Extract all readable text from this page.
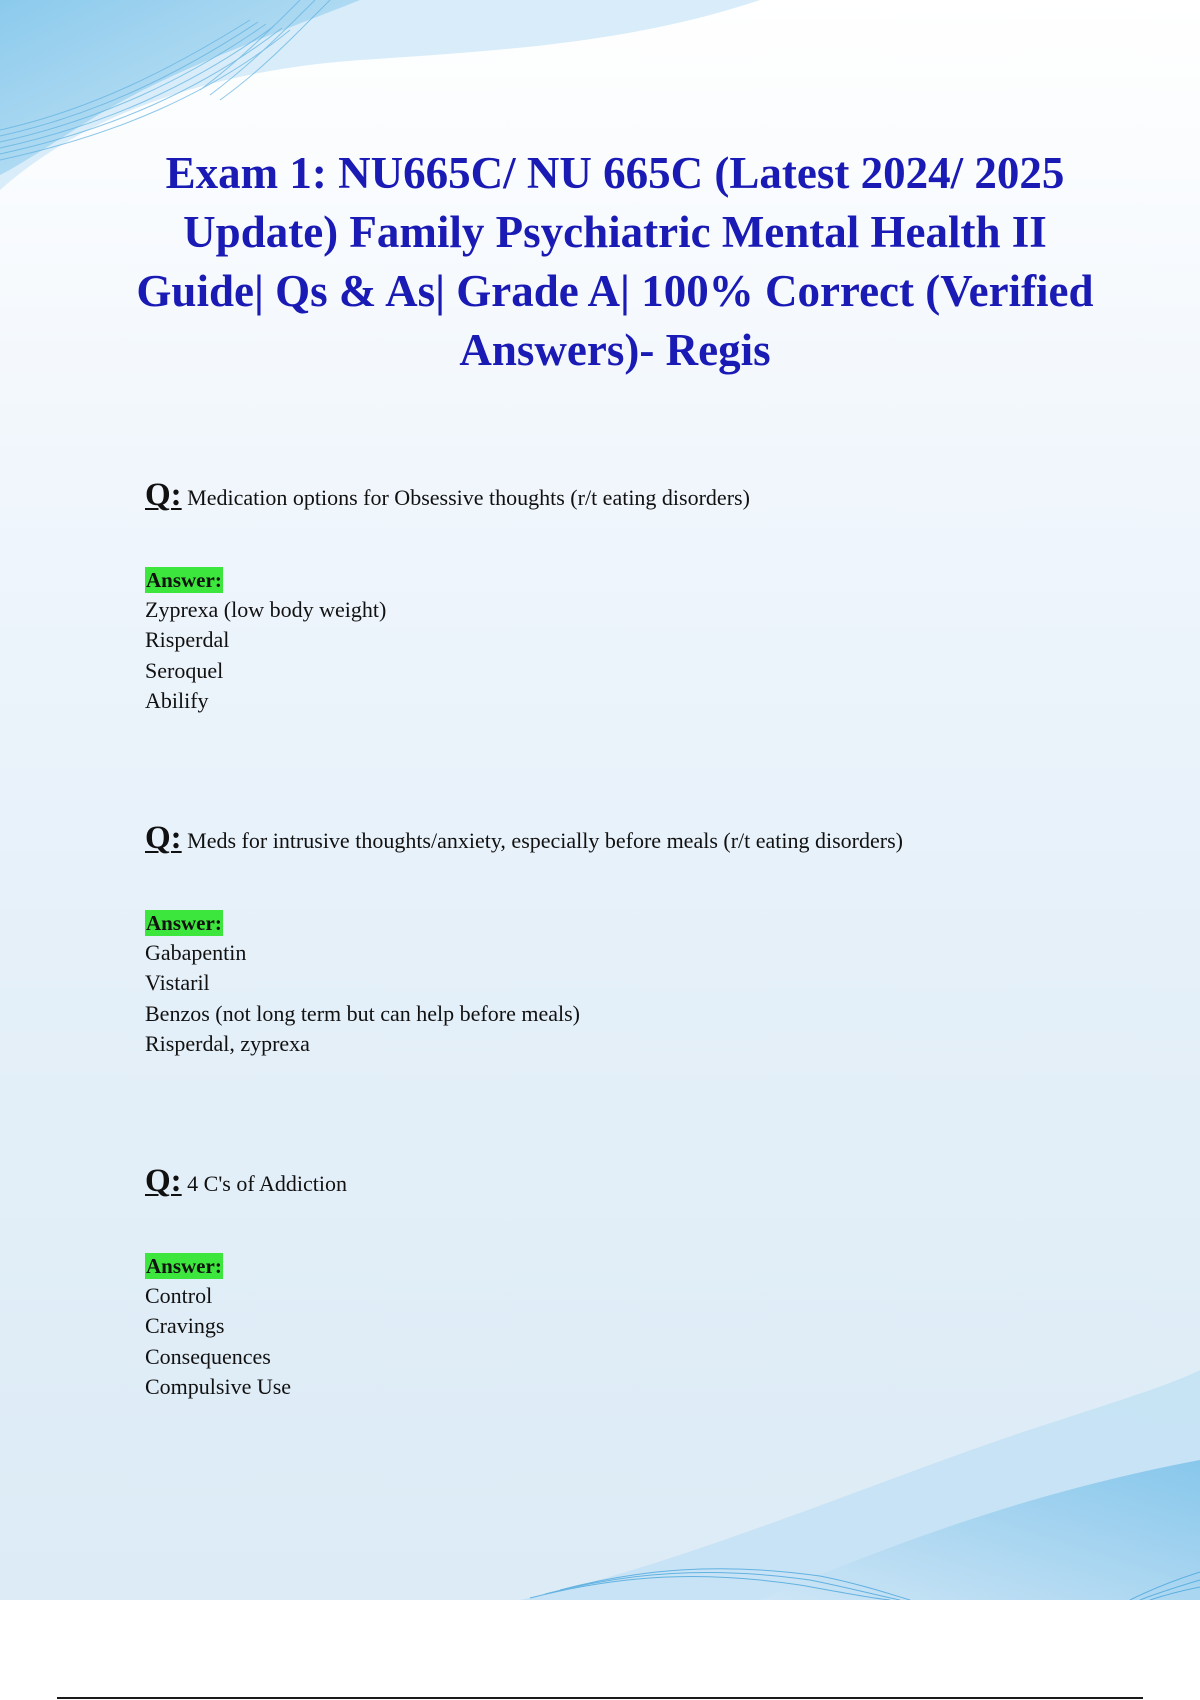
Exam 1: NU665C/ NU 665C (Latest 2024/ 2025 Update) Family Psychiatric Mental Health II Guide| Qs & As| Grade A| 100% Correct (Verified Answers)- Regis
Q: Medication options for Obsessive thoughts (r/t eating disorders)
Answer:
Zyprexa (low body weight)
Risperdal
Seroquel
Abilify
Q: Meds for intrusive thoughts/anxiety, especially before meals (r/t eating disorders)
Answer:
Gabapentin
Vistaril
Benzos (not long term but can help before meals)
Risperdal, zyprexa
Q: 4 C's of Addiction
Answer:
Control
Cravings
Consequences
Compulsive Use
